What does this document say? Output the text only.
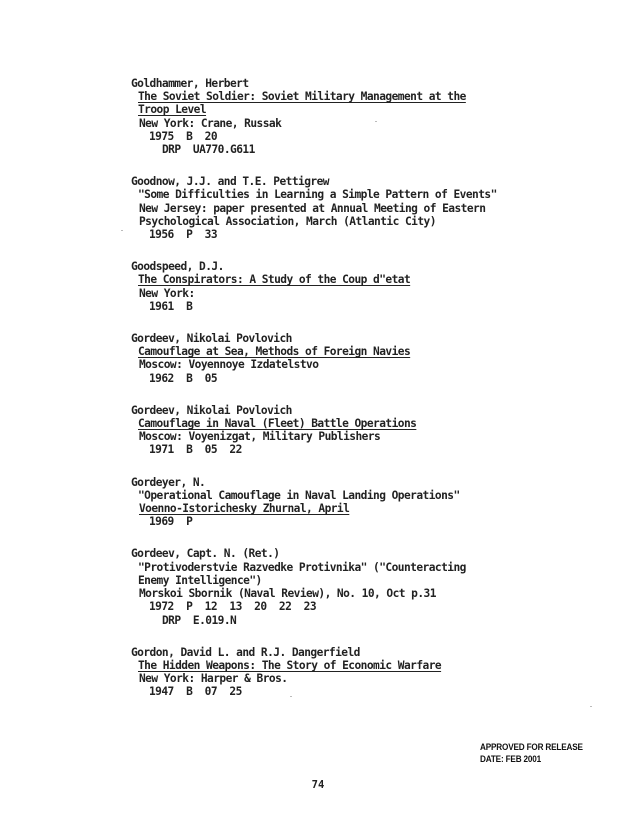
Goldhammer, Herbert
The Soviet Soldier: Soviet Military Management at the
Troop Level
New York: Crane, Russak
1975  B  20
DRP  UA770.G611
Goodnow, J.J. and T.E. Pettigrew
"Some Difficulties in Learning a Simple Pattern of Events"
New Jersey: paper presented at Annual Meeting of Eastern
Psychological Association, March (Atlantic City)
1956  P  33
Goodspeed, D.J.
The Conspirators: A Study of the Coup d"etat
New York:
1961  B
Gordeev, Nikolai Povlovich
Camouflage at Sea, Methods of Foreign Navies
Moscow: Voyennoye Izdatelstvo
1962  B  05
Gordeev, Nikolai Povlovich
Camouflage in Naval (Fleet) Battle Operations
Moscow: Voyenizgat, Military Publishers
1971  B  05  22
Gordeyer, N.
"Operational Camouflage in Naval Landing Operations"
Voenno-Istorichesky Zhurnal, April
1969  P
Gordeev, Capt. N. (Ret.)
"Protivoderstvie Razvedke Protivnika" ("Counteracting
Enemy Intelligence")
Morskoi Sbornik (Naval Review), No. 10, Oct p.31
1972  P  12  13  20  22  23
DRP  E.019.N
Gordon, David L. and R.J. Dangerfield
The Hidden Weapons: The Story of Economic Warfare
New York: Harper & Bros.
1947  B  07  25
APPROVED FOR RELEASE
DATE: FEB 2001
74
